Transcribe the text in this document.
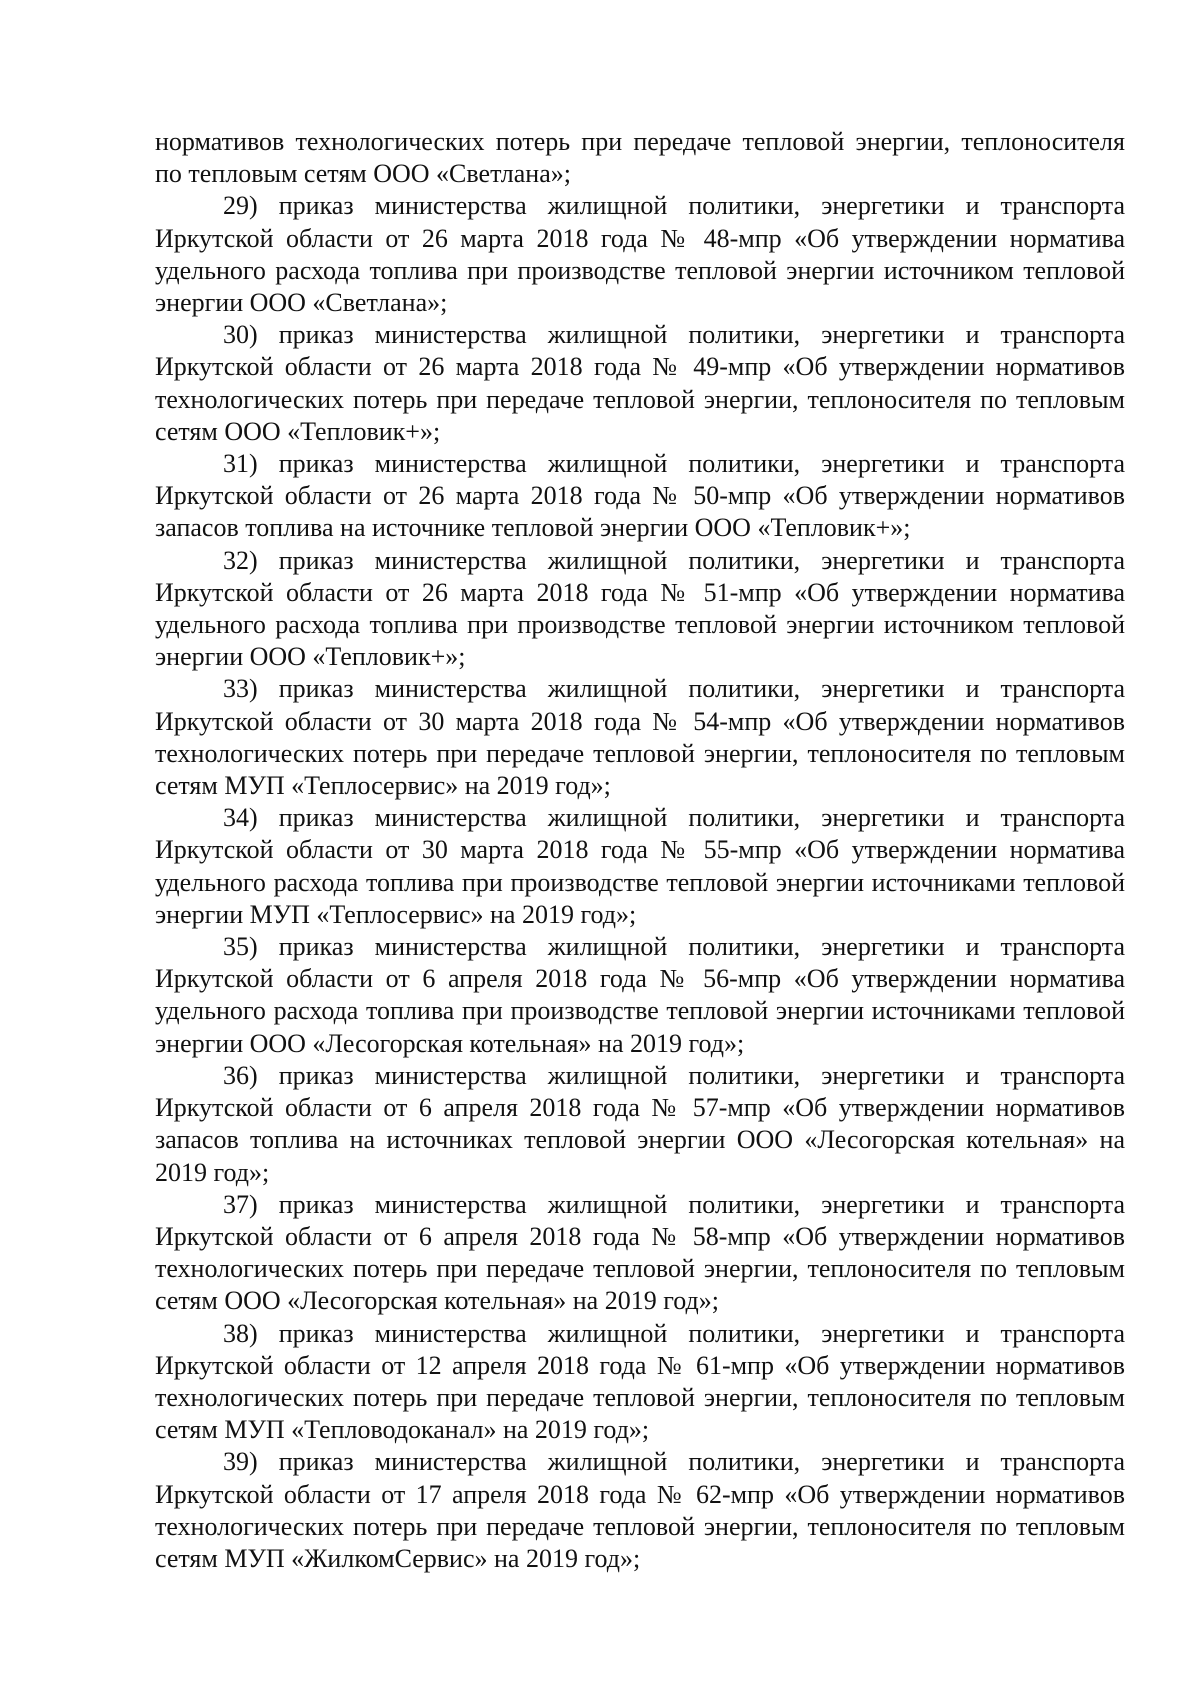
нормативов технологических потерь при передаче тепловой энергии, теплоносителя по тепловым сетям ООО «Светлана»;

29) приказ министерства жилищной политики, энергетики и транспорта Иркутской области от 26 марта 2018 года № 48-мпр «Об утверждении норматива удельного расхода топлива при производстве тепловой энергии источником тепловой энергии ООО «Светлана»;

30) приказ министерства жилищной политики, энергетики и транспорта Иркутской области от 26 марта 2018 года № 49-мпр «Об утверждении нормативов технологических потерь при передаче тепловой энергии, теплоносителя по тепловым сетям ООО «Тепловик+»;

31) приказ министерства жилищной политики, энергетики и транспорта Иркутской области от 26 марта 2018 года № 50-мпр «Об утверждении нормативов запасов топлива на источнике тепловой энергии ООО «Тепловик+»;

32) приказ министерства жилищной политики, энергетики и транспорта Иркутской области от 26 марта 2018 года № 51-мпр «Об утверждении норматива удельного расхода топлива при производстве тепловой энергии источником тепловой энергии ООО «Тепловик+»;

33) приказ министерства жилищной политики, энергетики и транспорта Иркутской области от 30 марта 2018 года № 54-мпр «Об утверждении нормативов технологических потерь при передаче тепловой энергии, теплоносителя по тепловым сетям МУП «Теплосервис» на 2019 год»;

34) приказ министерства жилищной политики, энергетики и транспорта Иркутской области от 30 марта 2018 года № 55-мпр «Об утверждении норматива удельного расхода топлива при производстве тепловой энергии источниками тепловой энергии МУП «Теплосервис» на 2019 год»;

35) приказ министерства жилищной политики, энергетики и транспорта Иркутской области от 6 апреля 2018 года № 56-мпр «Об утверждении норматива удельного расхода топлива при производстве тепловой энергии источниками тепловой энергии ООО «Лесогорская котельная» на 2019 год»;

36) приказ министерства жилищной политики, энергетики и транспорта Иркутской области от 6 апреля 2018 года № 57-мпр «Об утверждении нормативов запасов топлива на источниках тепловой энергии ООО «Лесогорская котельная» на 2019 год»;

37) приказ министерства жилищной политики, энергетики и транспорта Иркутской области от 6 апреля 2018 года № 58-мпр «Об утверждении нормативов технологических потерь при передаче тепловой энергии, теплоносителя по тепловым сетям ООО «Лесогорская котельная» на 2019 год»;

38) приказ министерства жилищной политики, энергетики и транспорта Иркутской области от 12 апреля 2018 года № 61-мпр «Об утверждении нормативов технологических потерь при передаче тепловой энергии, теплоносителя по тепловым сетям МУП «Тепловодоканал» на 2019 год»;

39) приказ министерства жилищной политики, энергетики и транспорта Иркутской области от 17 апреля 2018 года № 62-мпр «Об утверждении нормативов технологических потерь при передаче тепловой энергии, теплоносителя по тепловым сетям МУП «ЖилкомСервис» на 2019 год»;
